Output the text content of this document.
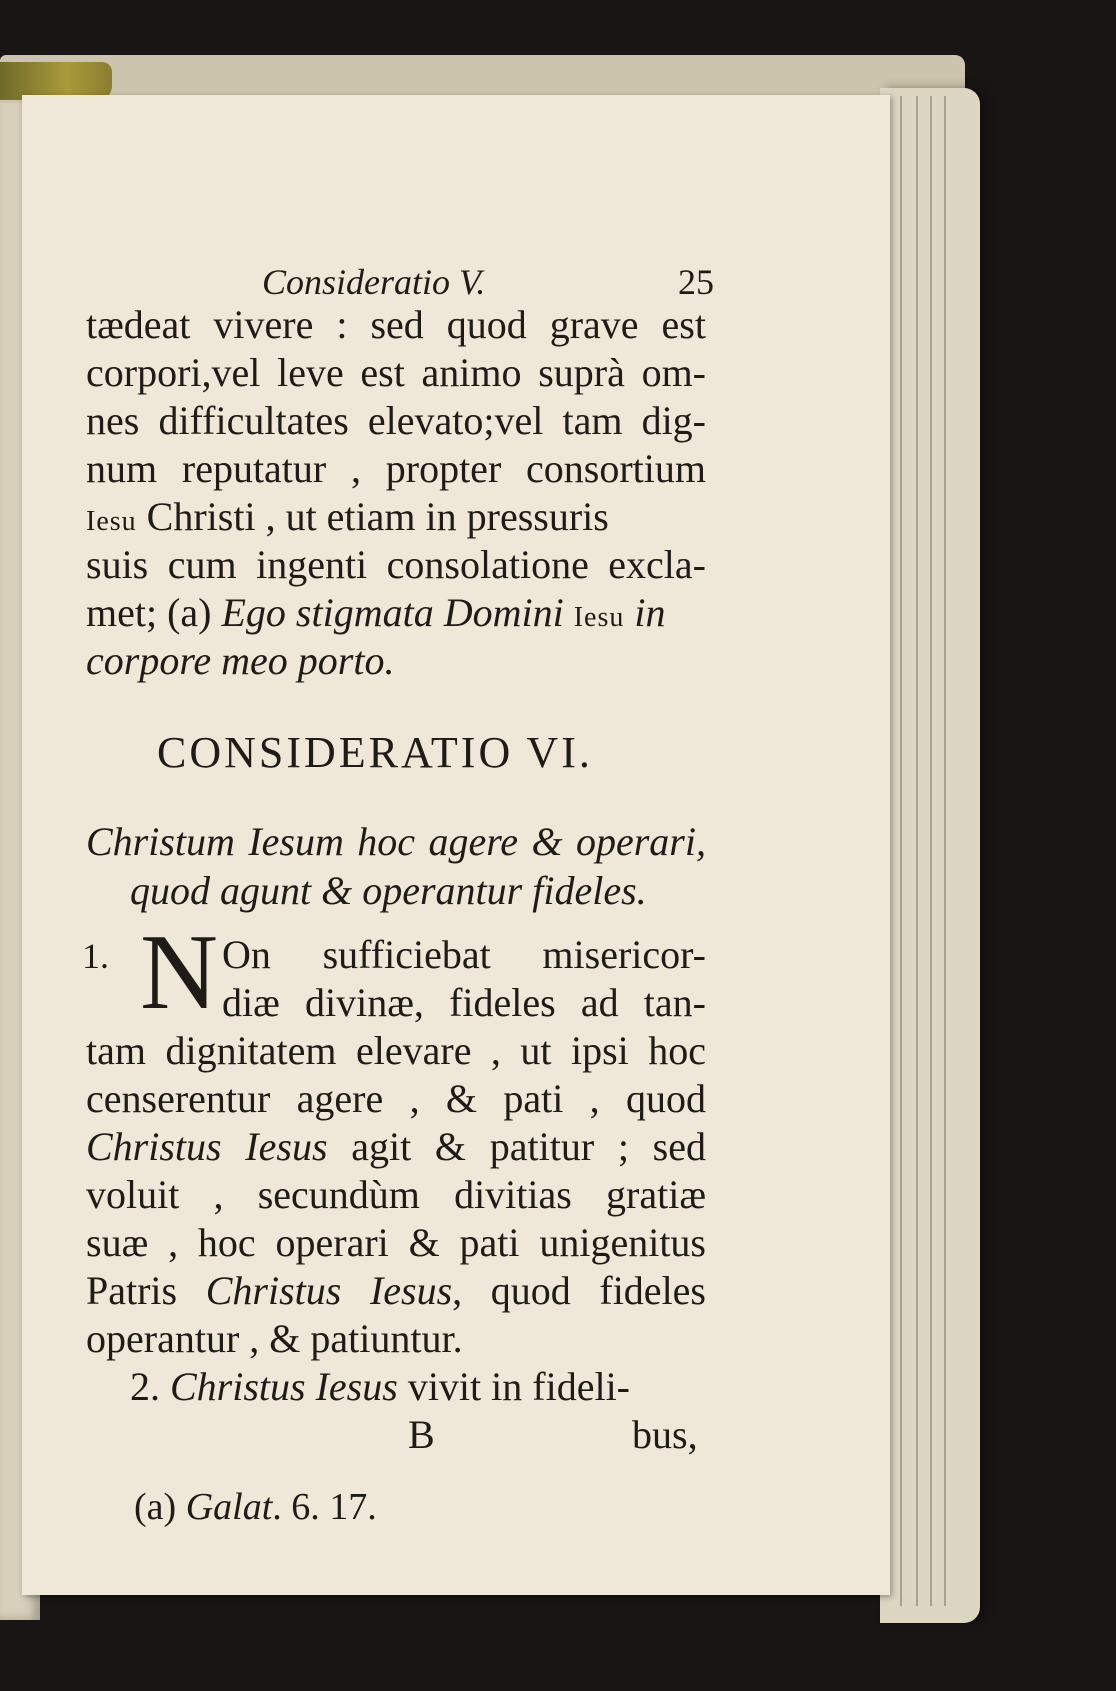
Consideratio V.	25
tædeat vivere : sed quod grave est
corpori,vel leve est animo suprà om-
nes difficultates elevato;vel tam dig-
num reputatur , propter consortium
Iesu Christi , ut etiam in pressuris
suis cum ingenti consolatione excla-
met; (a) Ego stigmata Domini Iesu in
corpore meo porto.
CONSIDERATIO VI.
Christum Iesum hoc agere & operari,
quod agunt & operantur fideles.
1. N On sufficiebat misericor-
diæ divinæ, fideles ad tan-
tam dignitatem elevare , ut ipsi hoc
censerentur agere , & pati , quod
Christus Iesus agit & patitur ; sed
voluit , secundùm divitias gratiæ
suæ , hoc operari & pati unigenitus
Patris Christus Iesus, quod fideles
operantur , & patiuntur.
2. Christus Iesus vivit in fideli-
B	bus,
(a) Galat. 6. 17.
